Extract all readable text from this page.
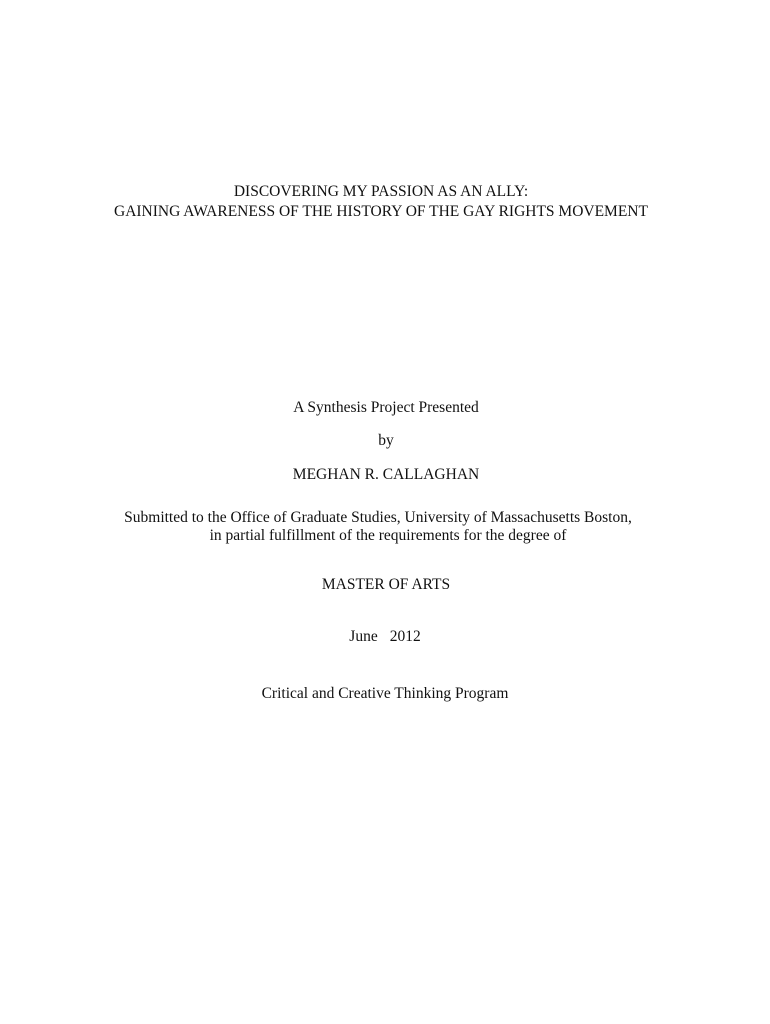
DISCOVERING MY PASSION AS AN ALLY:
GAINING AWARENESS OF THE HISTORY OF THE GAY RIGHTS MOVEMENT
A Synthesis Project Presented
by
MEGHAN R. CALLAGHAN
Submitted to the Office of Graduate Studies, University of Massachusetts Boston,
in partial fulfillment of the requirements for the degree of
MASTER OF ARTS
June 2012
Critical and Creative Thinking Program
